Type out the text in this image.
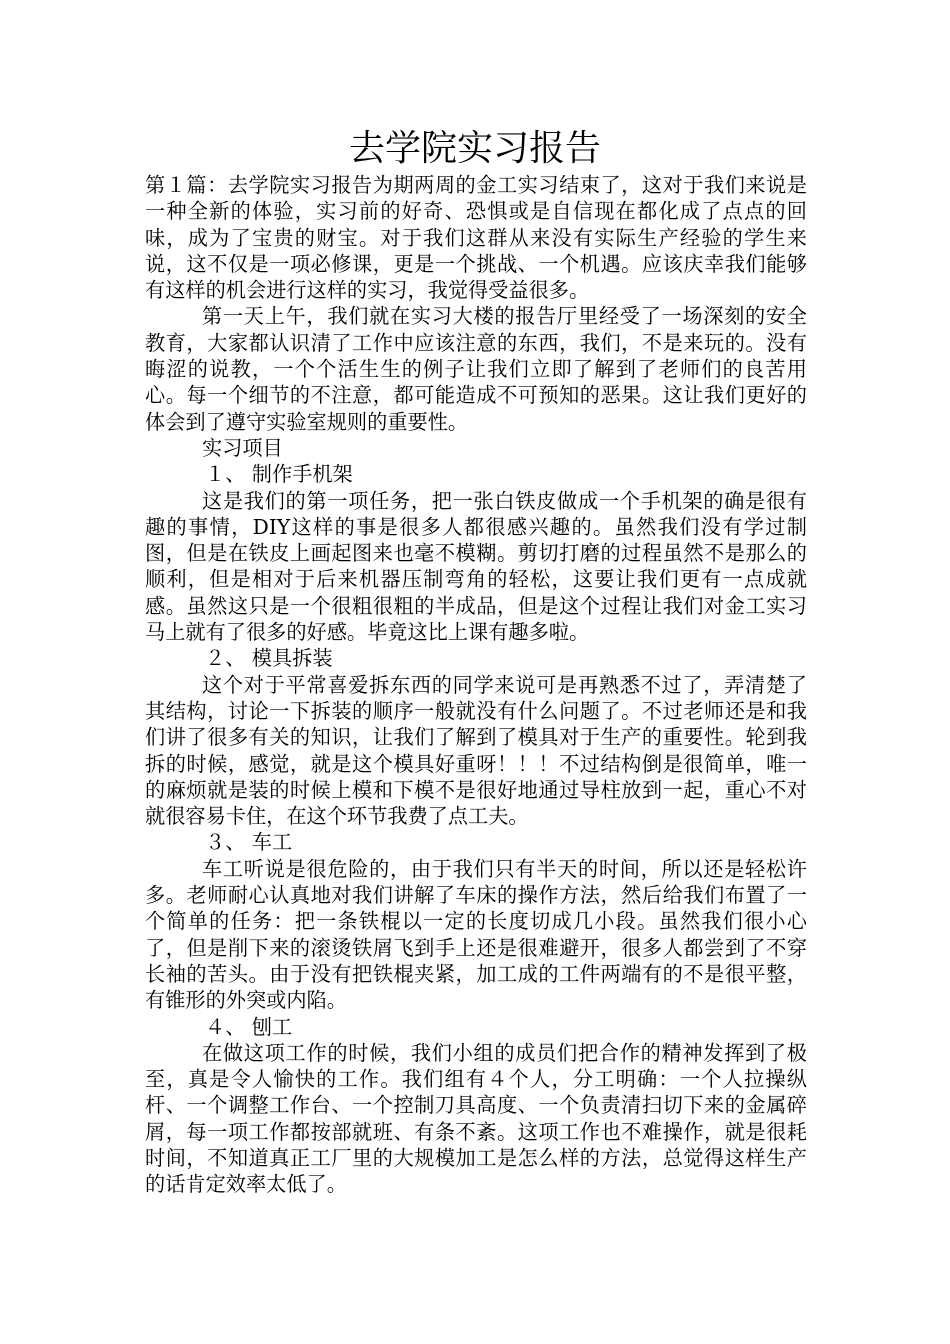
去学院实习报告

第１篇：去学院实习报告为期两周的金工实习结束了，这对于我们来说是一种全新的体验，实习前的好奇、恐惧或是自信现在都化成了点点的回味，成为了宝贵的财宝。对于我们这群从来没有实际生产经验的学生来说，这不仅是一项必修课，更是一个挑战、一个机遇。应该庆幸我们能够有这样的机会进行这样的实习，我觉得受益很多。

第一天上午，我们就在实习大楼的报告厅里经受了一场深刻的安全教育，大家都认识清了工作中应该注意的东西，我们，不是来玩的。没有晦涩的说教，一个个活生生的例子让我们立即了解到了老师们的良苦用心。每一个细节的不注意，都可能造成不可预知的恶果。这让我们更好的体会到了遵守实验室规则的重要性。

实习项目

１、 制作手机架

这是我们的第一项任务，把一张白铁皮做成一个手机架的确是很有趣的事情，DIY这样的事是很多人都很感兴趣的。虽然我们没有学过制图，但是在铁皮上画起图来也毫不模糊。剪切打磨的过程虽然不是那么的顺利，但是相对于后来机器压制弯角的轻松，这要让我们更有一点成就感。虽然这只是一个很粗很粗的半成品，但是这个过程让我们对金工实习马上就有了很多的好感。毕竟这比上课有趣多啦。

２、 模具拆装

这个对于平常喜爱拆东西的同学来说可是再熟悉不过了，弄清楚了其结构，讨论一下拆装的顺序一般就没有什么问题了。不过老师还是和我们讲了很多有关的知识，让我们了解到了模具对于生产的重要性。轮到我拆的时候，感觉，就是这个模具好重呀！！！不过结构倒是很简单，唯一的麻烦就是装的时候上模和下模不是很好地通过导柱放到一起，重心不对就很容易卡住，在这个环节我费了点工夫。

３、 车工

车工听说是很危险的，由于我们只有半天的时间，所以还是轻松许多。老师耐心认真地对我们讲解了车床的操作方法，然后给我们布置了一个简单的任务：把一条铁棍以一定的长度切成几小段。虽然我们很小心了，但是削下来的滚烫铁屑飞到手上还是很难避开，很多人都尝到了不穿长袖的苦头。由于没有把铁棍夹紧，加工成的工件两端有的不是很平整，有锥形的外突或内陷。

４、 刨工

在做这项工作的时候，我们小组的成员们把合作的精神发挥到了极至，真是令人愉快的工作。我们组有４个人，分工明确：一个人拉操纵杆、一个调整工作台、一个控制刀具高度、一个负责清扫切下来的金属碎屑，每一项工作都按部就班、有条不紊。这项工作也不难操作，就是很耗时间，不知道真正工厂里的大规模加工是怎么样的方法，总觉得这样生产的话肯定效率太低了。
